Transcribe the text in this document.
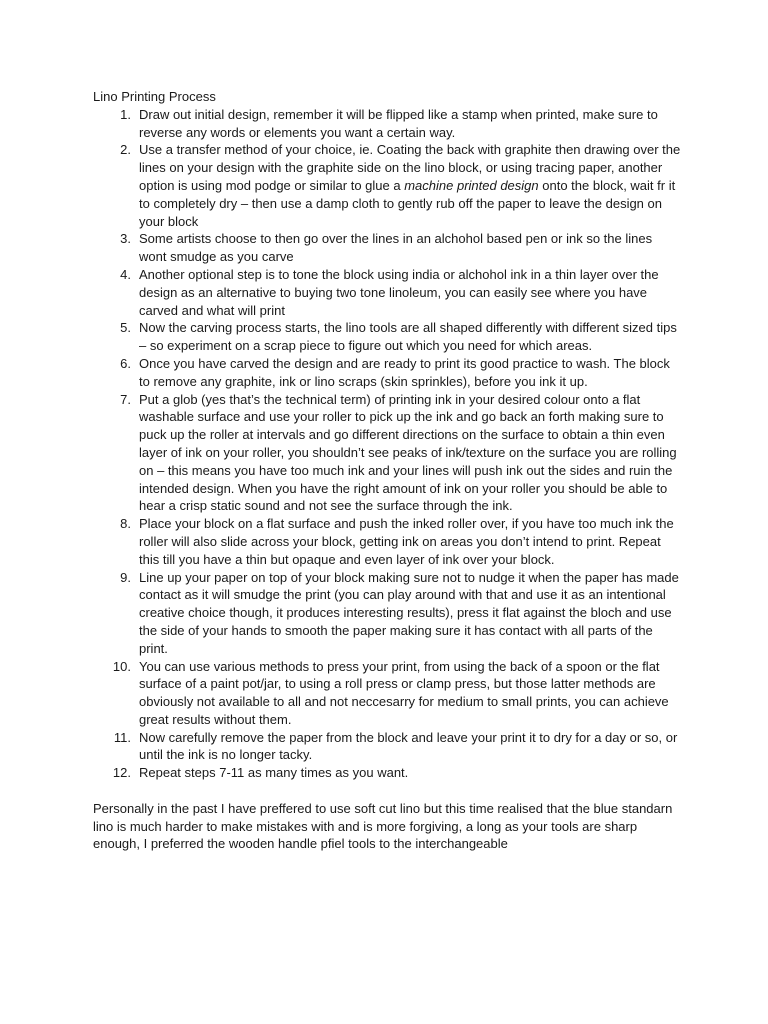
Lino Printing Process

1. Draw out initial design, remember it will be flipped like a stamp when printed, make sure to reverse any words or elements you want a certain way.
2. Use a transfer method of your choice, ie. Coating the back with graphite then drawing over the lines on your design with the graphite side on the lino block, or using tracing paper, another option is using mod podge or similar to glue a machine printed design onto the block, wait fr it to completely dry – then use a damp cloth to gently rub off the paper to leave the design on your block
3. Some artists choose to then go over the lines in an alchohol based pen or ink so the lines wont smudge as you carve
4. Another optional step is to tone the block using india or alchohol ink in a thin layer over the design as an alternative to buying two tone linoleum, you can easily see where you have carved and what will print
5. Now the carving process starts, the lino tools are all shaped differently with different sized tips – so experiment on a scrap piece to figure out which you need for which areas.
6. Once you have carved the design and are ready to print its good practice to wash. The block to remove any graphite, ink or lino scraps (skin sprinkles), before you ink it up.
7. Put a glob (yes that’s the technical term) of printing ink in your desired colour onto a flat washable surface and use your roller to pick up the ink and go back an forth making sure to puck up the roller at intervals and go different directions on the surface to obtain a thin even layer of ink on your roller, you shouldn’t see peaks of ink/texture on the surface you are rolling on – this means you have too much ink and your lines will push ink out the sides and ruin the intended design. When you have the right amount of ink on your roller you should be able to hear a crisp static sound and not see the surface through the ink.
8. Place your block on a flat surface and push the inked roller over, if you have too much ink the roller will also slide across your block, getting ink on areas you don’t intend to print. Repeat this till you have a thin but opaque and even layer of ink over your block.
9. Line up your paper on top of your block making sure not to nudge it when the paper has made contact as it will smudge the print (you can play around with that and use it as an intentional creative choice though, it produces interesting results), press it flat against the bloch and use the side of your hands to smooth the paper making sure it has contact with all parts of the print.
10. You can use various methods to press your print, from using the back of a spoon or the flat surface of a paint pot/jar, to using a roll press or clamp press, but those latter methods are obviously not available to all and not neccesarry for medium to small prints, you can achieve great results without them.
11. Now carefully remove the paper from the block and leave your print it to dry for a day or so, or until the ink is no longer tacky.
12. Repeat steps 7-11 as many times as you want.

Personally in the past I have preffered to use soft cut lino but this time realised that the blue standarn lino is much harder to make mistakes with and is more forgiving, a long as your tools are sharp enough, I preferred the wooden handle pfiel tools to the interchangeable
